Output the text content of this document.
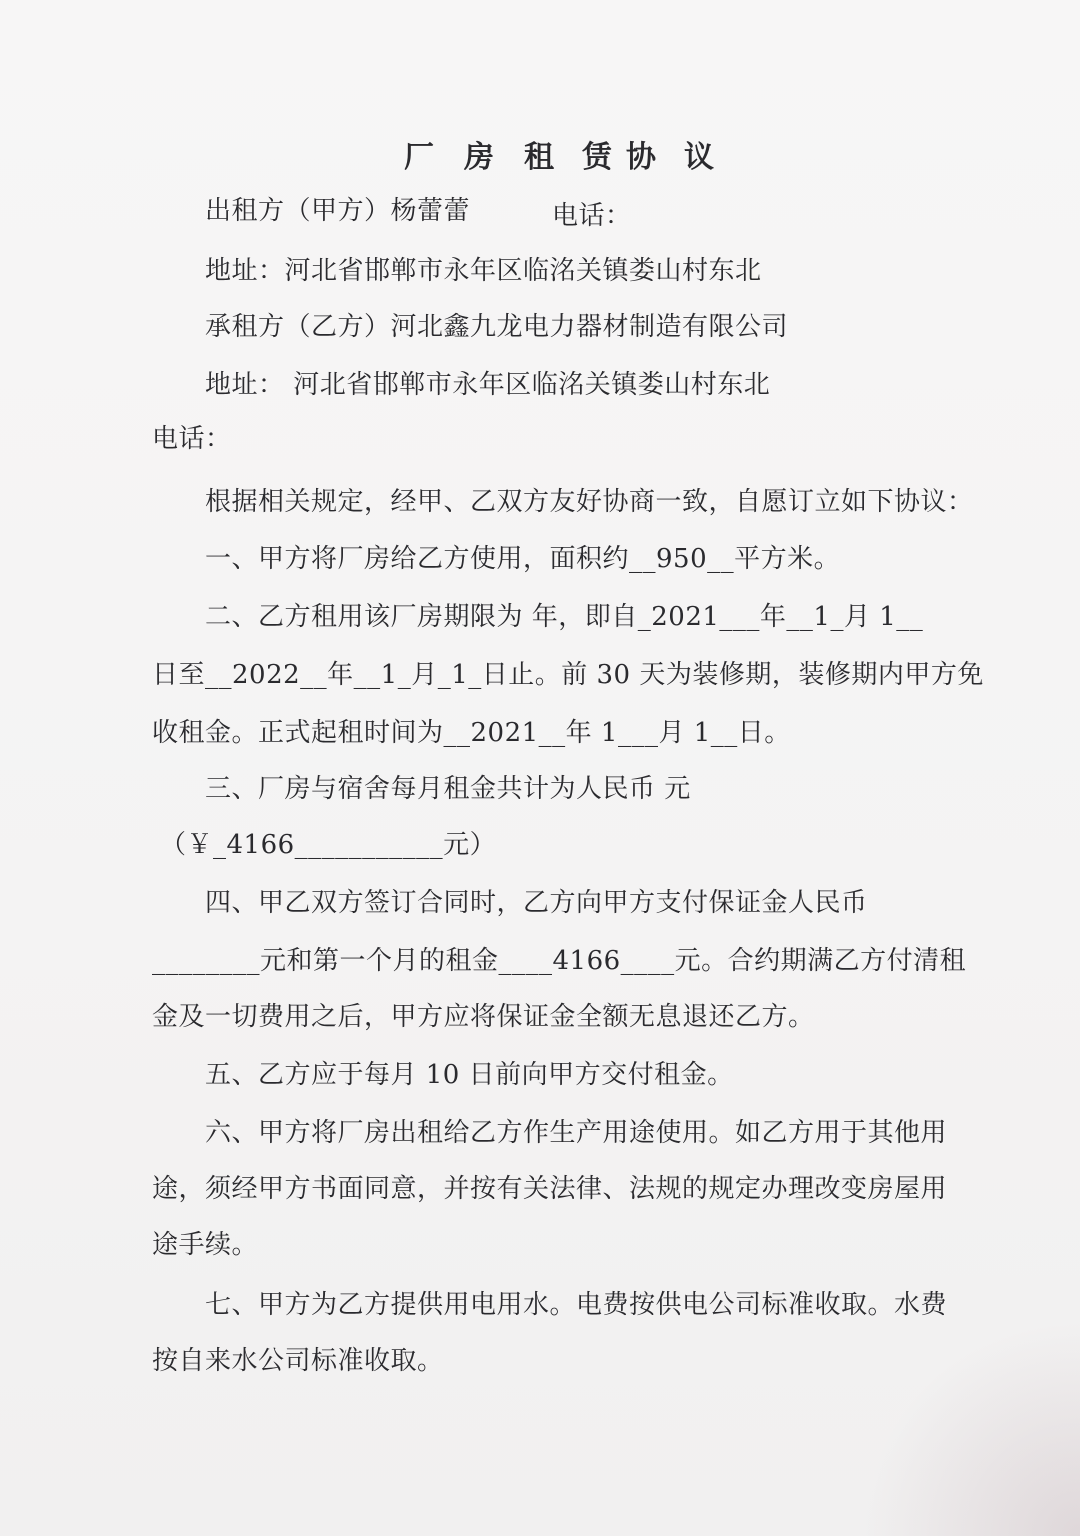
厂 房 租 赁 协 议
出租方（甲方）杨蕾蕾	电话：
地址：河北省邯郸市永年区临洺关镇娄山村东北
承租方（乙方）河北鑫九龙电力器材制造有限公司
地址： 河北省邯郸市永年区临洺关镇娄山村东北
电话：
根据相关规定，经甲、乙双方友好协商一致，自愿订立如下协议：
一、甲方将厂房给乙方使用，面积约__950__平方米。
二、乙方租用该厂房期限为 年，即自_2021___年__1_月 1__
日至__2022__年__1_月_1_日止。前 30 天为装修期，装修期内甲方免
收租金。正式起租时间为__2021__年 1___月 1__日。
三、厂房与宿舍每月租金共计为人民币 元
（￥_4166___________元）
四、甲乙双方签订合同时，乙方向甲方支付保证金人民币
________元和第一个月的租金____4166____元。合约期满乙方付清租
金及一切费用之后，甲方应将保证金全额无息退还乙方。
五、乙方应于每月 10 日前向甲方交付租金。
六、甲方将厂房出租给乙方作生产用途使用。如乙方用于其他用
途，须经甲方书面同意，并按有关法律、法规的规定办理改变房屋用
途手续。
七、甲方为乙方提供用电用水。电费按供电公司标准收取。水费
按自来水公司标准收取。
